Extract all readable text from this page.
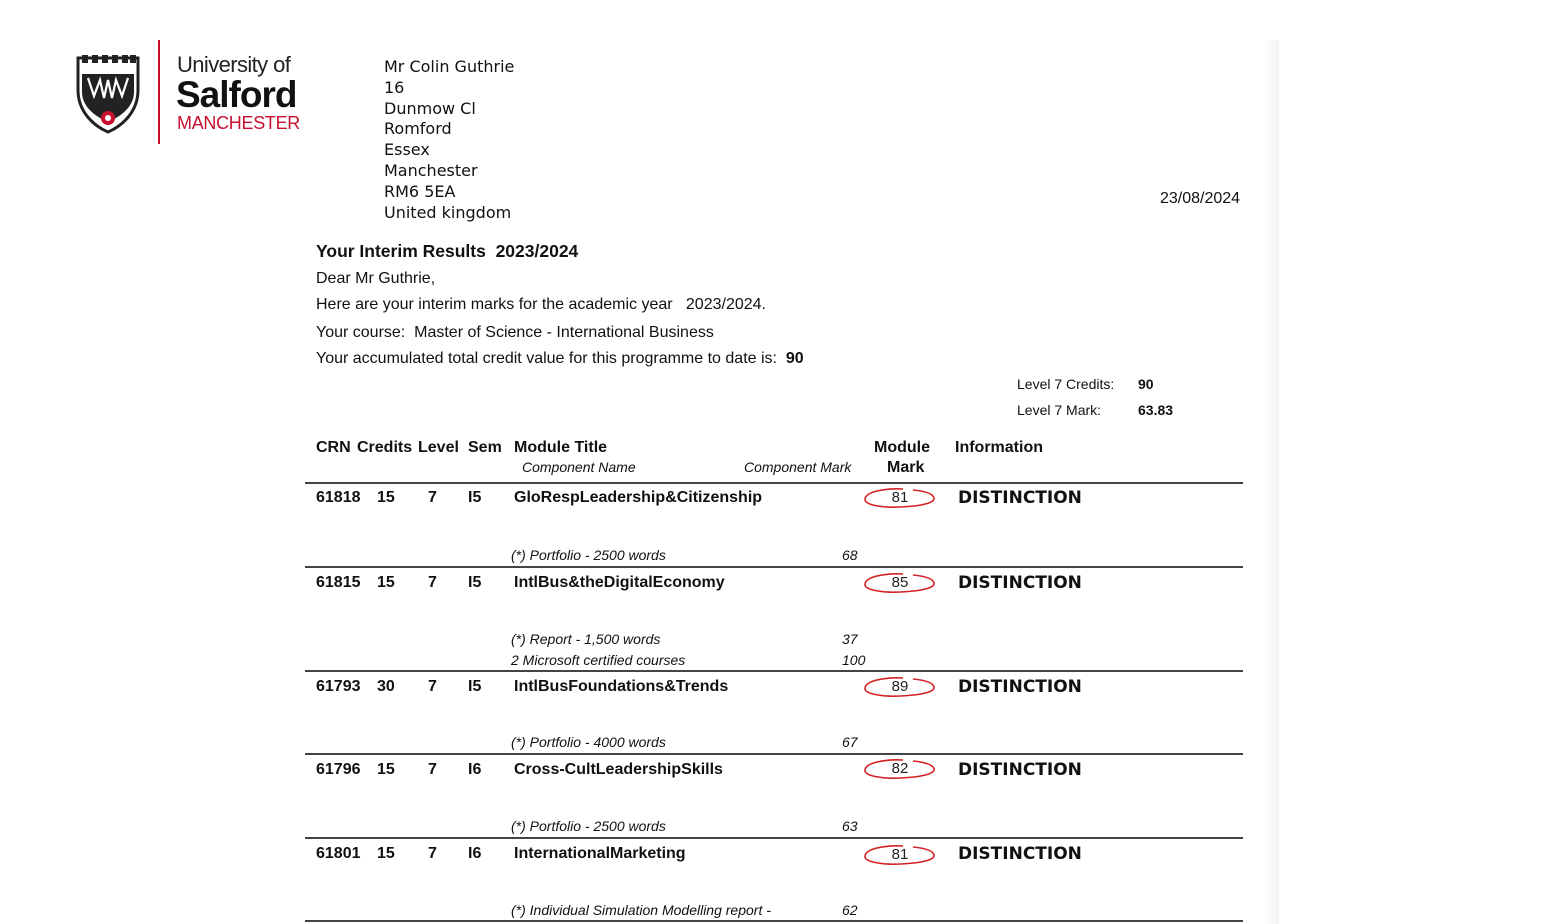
University of
Salford
MANCHESTER
Mr Colin Guthrie
16
Dunmow Cl
Romford
Essex
Manchester
RM6 5EA
United kingdom
23/08/2024
Your Interim Results  2023/2024
Dear Mr Guthrie,
Here are your interim marks for the academic year   2023/2024.
Your course:  Master of Science - International Business
Your accumulated total credit value for this programme to date is: 90
Level 7 Credits: 90
Level 7 Mark:	63.83
CRN Credits Level Sem Module Title
Component Name	Component Mark
Module
Mark
Information
61818 15 7 I5 GloRespLeadership&Citizenship	81	DISTINCTION
(*) Portfolio - 2500 words	68
61815 15 7 I5 IntlBus&theDigitalEconomy	85	DISTINCTION
(*) Report - 1,500 words	37
2 Microsoft certified courses	100
61793 30 7 I5 IntlBusFoundations&Trends	89	DISTINCTION
(*) Portfolio - 4000 words	67
61796 15 7 I6 Cross-CultLeadershipSkills	82	DISTINCTION
(*) Portfolio - 2500 words	63
61801 15 7 I6 InternationalMarketing	81	DISTINCTION
(*) Individual Simulation Modelling report -	62
